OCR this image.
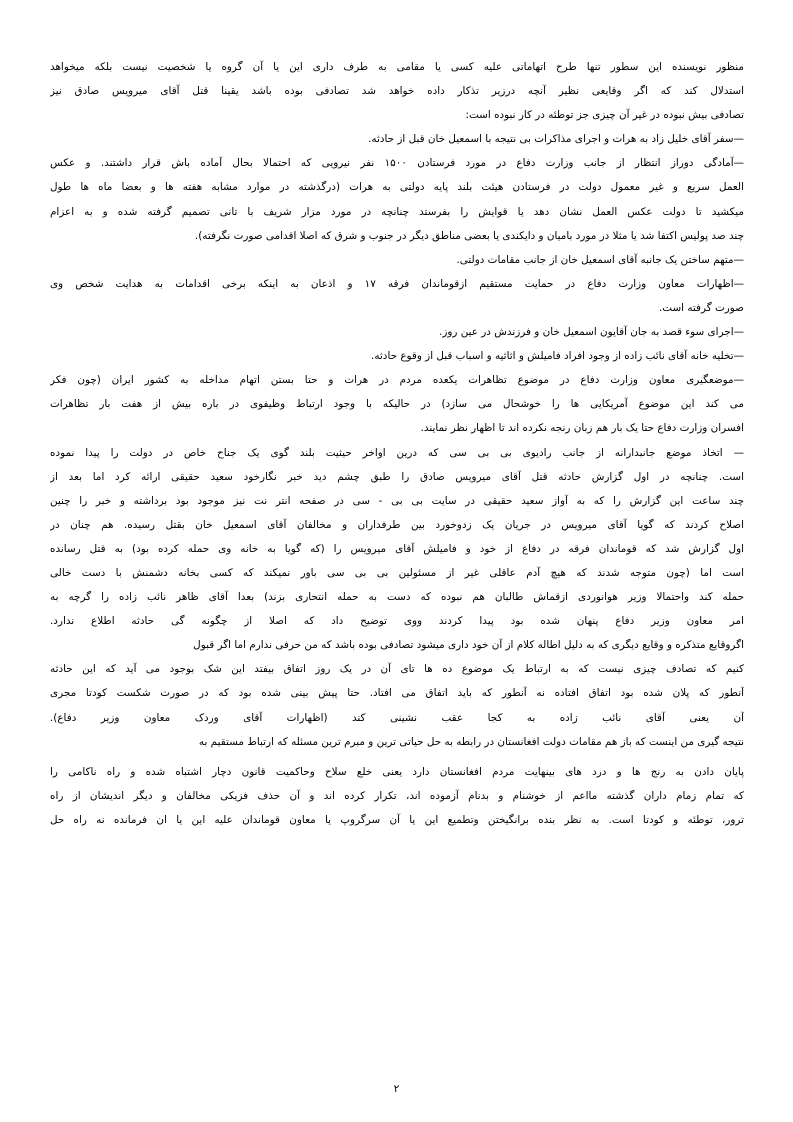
منظور نویسنده این سطور تنها طرح اتهاماتی علیه کسی یا مقامی به طرف داری این یا آن گروه یا شخصیت نیست بلکه میخواهد
استدلال کند که اگر وقایعی نظیر آنچه درزیر تذکار داده خواهد شد تصادفی بوده باشد یقینا قتل آقای میرویس صادق نیز
تصادفی بیش نبوده در غیر آن چیزی جز توطئه در کار نبوده است:
—سفر آقای خلیل زاد به هرات و اجرای مذاکرات بی نتیجه با اسمعیل خان قبل از حادثه.
—آمادگی دوراز انتظار از جانب وزارت دفاع در مورد فرستادن ۱۵۰۰ نفر نیرویی که احتمالا بحال آماده باش قرار داشتند. و عکس
العمل سریع و غیر معمول دولت در فرستادن هیئت بلند پایه دولتی به هرات (درگذشته در موارد مشابه هفته ها و بعضا ماه ها طول
میکشید تا دولت عکس العمل نشان دهد یا قوایش را بفرستد چنانچه در مورد مزار شریف با تانی تصمیم گرفته شده و به اعزام
چند صد پولیس اکتفا شد یا مثلا در مورد بامیان و دایکندی یا بعضی مناطق دیگر در جنوب و شرق که اصلا اقدامی صورت نگرفته).
—متهم ساختن یک جانبه آقای اسمعیل خان از جانب مقامات دولتی.
—اظهارات معاون وزارت دفاع در حمایت مستقیم ازقوماندان فرقه ۱۷ و اذعان به اینکه برخی اقدامات به هدایت شخص وی
صورت گرفته است.
—اجرای سوء قصد به جان آقایون اسمعیل خان و فرزندش در عین روز.
—تخلیه خانه آقای نائب زاده از وجود افراد فامیلش و اثاثیه و اسباب قبل از وقوع حادثه.
—موضعگیری معاون وزارت دفاع در موضوع تظاهرات یکعده مردم در هرات و حتا بستن اتهام مداخله به کشور ایران (چون فکر
می کند این موضوع آمریکایی ها را خوشحال می سازد) در حالیکه با وجود ارتباط وظیفوی در باره بیش از هفت بار تظاهرات
افسران وزارت دفاع حتا یک بار هم زبان رنجه نکرده اند تا اظهار نظر نمایند.
— اتخاذ موضع جانبدارانه از جانب رادیوی بی بی سی که درین اواخر حیثیت بلند گوی یک جناح خاص در دولت را پیدا نموده
است. چنانچه در اول گزارش حادثه قتل آقای میرویس صادق را طبق چشم دید خبر نگارخود سعید حقیقی ارائه کرد اما بعد از
چند ساعت این گزارش را که به آواز سعید حقیقی در سایت بی بی - سی در صفحه انتر نت نیز موجود بود برداشته و خبر را چنین
اصلاح کردند که گویا آقای میرویس در جریان یک زدوخورد بین طرفداران و مخالفان آقای اسمعیل خان بقتل رسیده. هم چنان در
اول گزارش شد که قوماندان فرقه در دفاع از خود و فامیلش آقای میرویس را (که گویا به خانه وی حمله کرده بود) به قتل رسانده
است اما (چون متوجه شدند که هیچ آدم عاقلی غیر از مسئولین بی بی سی باور نمیکند که کسی بخانه دشمنش با دست خالی
حمله کند واحتمالا وزیر هوانوردی ازقماش طالبان هم نبوده که دست به حمله انتحاری بزند) بعدا آقای ظاهر نائب زاده را گرچه به
امر معاون وزیر دفاع پنهان شده بود پیدا کردند ووی توضیح داد که اصلا از چگونه گی حادثه اطلاع ندارد.
اگروقایع متذکره و وقایع دیگری که به دلیل اطاله کلام از آن خود داری میشود تصادفی بوده باشد که من حرفی ندارم اما اگر قبول
کنیم که تصادف چیزی نیست که به ارتباط یک موضوع ده ها تای آن در یک روز اتفاق بیفتد این شک بوجود می آید که این حادثه
آنطور که پلان شده بود اتفاق افتاده نه آنطور که باید اتفاق می افتاد. حتا پیش بینی شده بود که در صورت شکست کودتا مجری
آن یعنی آقای نائب زاده به کجا عقب نشینی کند (اظهارات آقای وردک معاون وزیر دفاع).
نتیجه گیری من اینست که باز هم مقامات دولت افغانستان در رابطه به حل حیاتی ترین و مبرم ترین مسئله که ارتباط مستقیم به
پایان دادن به رنج ها و درد های بینهایت مردم افغانستان دارد یعنی خلع سلاح وحاکمیت قانون دچار اشتباه شده و راه ناکامی را
که تمام زمام داران گذشته مااعم از خوشنام و بدنام آزموده اند، تکرار کرده اند و آن حذف فزیکی مخالفان و دیگر اندیشان از راه
ترور، توطئه و کودتا است. به نظر بنده برانگیختن وتطمیع این یا آن سرگروپ یا معاون قوماندان علیه این یا ان فرمانده نه راه حل
۲
